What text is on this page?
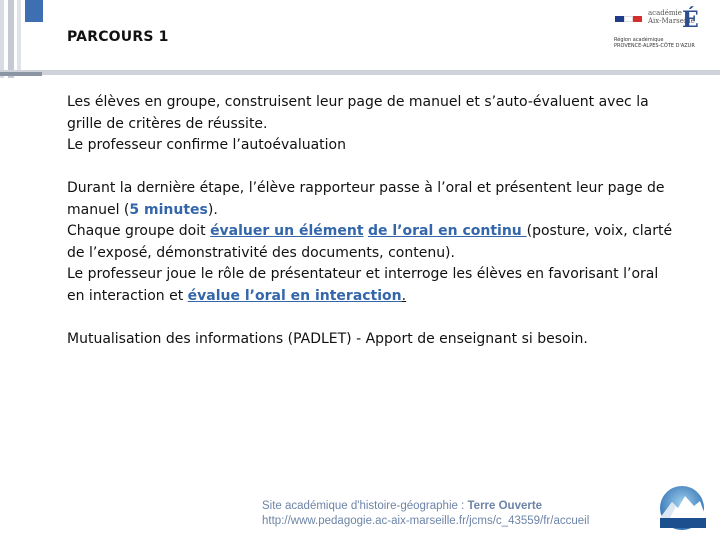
PARCOURS 1
académie
Aix-Marseille
É
Région académique
PROVENCE-ALPES-CÔTE D'AZUR

Les élèves en groupe, construisent leur page de manuel et s’auto-évaluent avec la grille de critères de réussite.
Le professeur confirme l’autoévaluation

Durant la dernière étape, l’élève rapporteur passe à l’oral et présentent leur page de manuel (5 minutes).
Chaque groupe doit évaluer un élément de l’oral en continu (posture, voix, clarté de l’exposé, démonstrativité des documents, contenu).
Le professeur joue le rôle de présentateur et interroge les élèves en favorisant l’oral en interaction et évalue l’oral en interaction.

Mutualisation des informations (PADLET) - Apport de enseignant si besoin.

Site académique d'histoire-géographie : Terre Ouverte
http://www.pedagogie.ac-aix-marseille.fr/jcms/c_43559/fr/accueil
